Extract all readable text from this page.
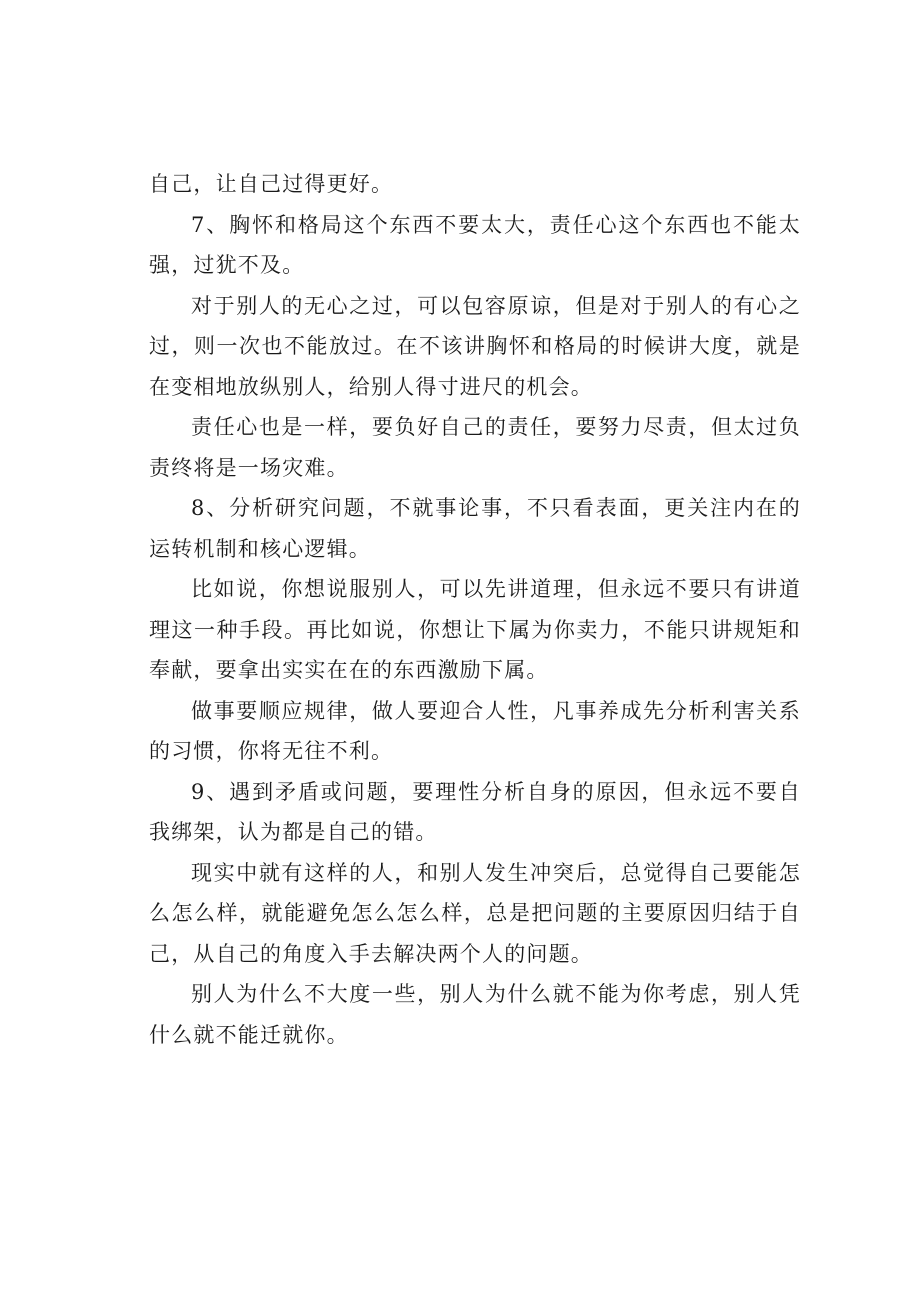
自己，让自己过得更好。

7、胸怀和格局这个东西不要太大，责任心这个东西也不能太强，过犹不及。

对于别人的无心之过，可以包容原谅，但是对于别人的有心之过，则一次也不能放过。在不该讲胸怀和格局的时候讲大度，就是在变相地放纵别人，给别人得寸进尺的机会。

责任心也是一样，要负好自己的责任，要努力尽责，但太过负责终将是一场灾难。

8、分析研究问题，不就事论事，不只看表面，更关注内在的运转机制和核心逻辑。

比如说，你想说服别人，可以先讲道理，但永远不要只有讲道理这一种手段。再比如说，你想让下属为你卖力，不能只讲规矩和奉献，要拿出实实在在的东西激励下属。

做事要顺应规律，做人要迎合人性，凡事养成先分析利害关系的习惯，你将无往不利。

9、遇到矛盾或问题，要理性分析自身的原因，但永远不要自我绑架，认为都是自己的错。

现实中就有这样的人，和别人发生冲突后，总觉得自己要能怎么怎么样，就能避免怎么怎么样，总是把问题的主要原因归结于自己，从自己的角度入手去解决两个人的问题。

别人为什么不大度一些，别人为什么就不能为你考虑，别人凭什么就不能迁就你。
